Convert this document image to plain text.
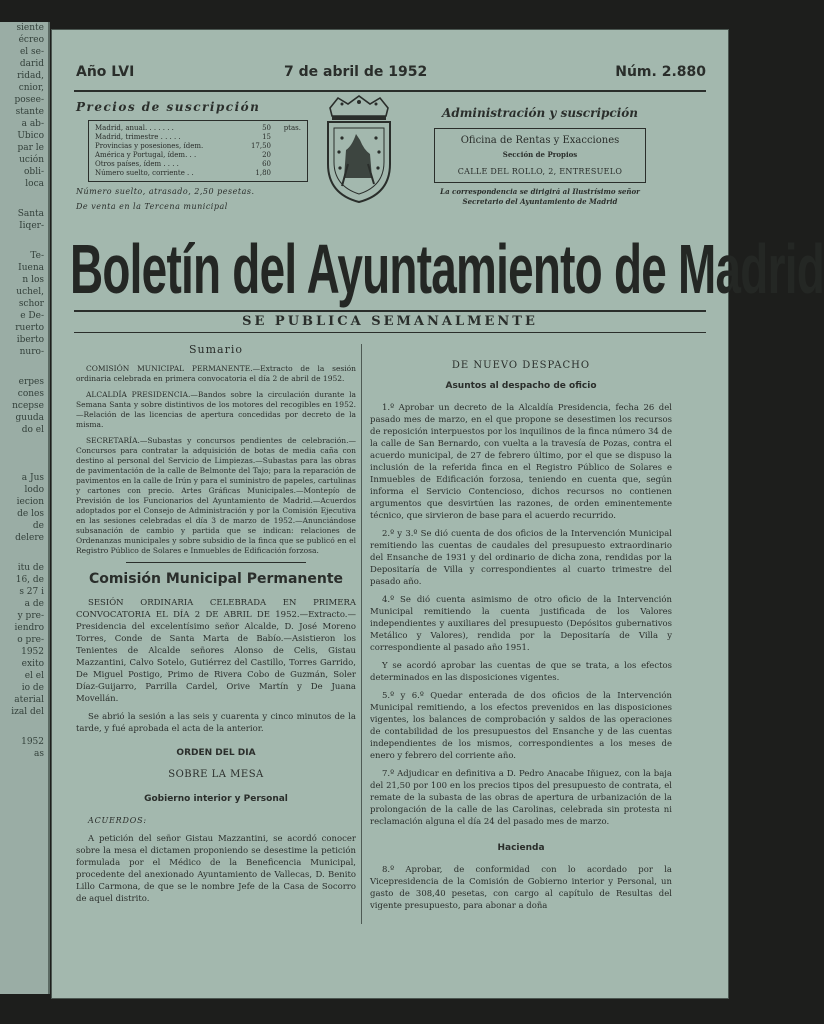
siente
écreo
el se-
darid
ridad,
cnior,
posee-
stante
a ab-
Ubico
par le
ución
obli-
loca
Santa
Iiqer-
Te-
Iuena
n los
uchel,
schor
e De-
ruerto
iberto
nuro-
erpes
cones
ncepse
guuda
do el
a Jus
lodo
iecion
de los
de
delere
itu de
16, de
s 27 i
a de
y pre-
iendro
o pre-
1952
exito
el el
io de
aterial
izal del
1952
as
Año LVI	7 de abril de 1952	Núm. 2.880
Precios de suscripción
Madrid, anual. . . . . . .	50	ptas.
Madrid, trimestre . . . . .	15
Provincias y posesiones, ídem.	17,50
América y Portugal, ídem. . .	20
Otros países, ídem . . . .	60
Número suelto, corriente . .	1,80
Número suelto, atrasado, 2,50 pesetas.
De venta en la Tercena municipal
Administración y suscripción
Oficina de Rentas y Exacciones
Sección de Propios
CALLE DEL ROLLO, 2, ENTRESUELO
La correspondencia se dirigirá al Ilustrísimo señor Secretario del Ayuntamiento de Madrid
Boletín del Ayuntamiento de Madrid
SE PUBLICA SEMANALMENTE
Sumario

COMISIÓN MUNICIPAL PERMANENTE.—Extracto de la sesión ordinaria celebrada en primera convocatoria el día 2 de abril de 1952.

ALCALDÍA PRESIDENCIA.—Bandos sobre la circulación durante la Semana Santa y sobre distintivos de los motores del recogibles en 1952.—Relación de las licencias de apertura concedidas por decreto de la misma.

SECRETARÍA.—Subastas y concursos pendientes de celebración.—Concursos para contratar la adquisición de botas de media caña con destino al personal del Servicio de Limpiezas.—Subastas para las obras de pavimentación de la calle de Belmonte del Tajo; para la reparación de pavimentos en la calle de Irún y para el suministro de papeles, cartulinas y cartones con precio. Artes Gráficas Municipales.—Montepío de Previsión de los Funcionarios del Ayuntamiento de Madrid.—Acuerdos adoptados por el Consejo de Administración y por la Comisión Ejecutiva en las sesiones celebradas el día 3 de marzo de 1952.—Anunciándose subsanación de cambio y partida que se indican: relaciones de Ordenanzas municipales y sobre subsidio de la finca que se publicó en el Registro Público de Solares e Inmuebles de Edificación forzosa.

Comisión Municipal Permanente

SESIÓN ORDINARIA CELEBRADA EN PRIMERA CONVOCATORIA EL DÍA 2 DE ABRIL DE 1952.—Extracto.—Presidencia del excelentísimo señor Alcalde, D. José Moreno Torres, Conde de Santa Marta de Babío.—Asistieron los Tenientes de Alcalde señores Alonso de Celis, Gistau Mazzantini, Calvo Sotelo, Gutiérrez del Castillo, Torres Garrido, De Miguel Postigo, Primo de Rivera Cobo de Guzmán, Soler Díaz-Guijarro, Parrilla Cardel, Orive Martín y De Juana Movellán.

Se abrió la sesión a las seis y cuarenta y cinco minutos de la tarde, y fué aprobada el acta de la anterior.

ORDEN DEL DIA
SOBRE LA MESA
Gobierno interior y Personal
ACUERDOS:

A petición del señor Gistau Mazzantini, se acordó conocer sobre la mesa el dictamen proponiendo se desestime la petición formulada por el Médico de la Beneficencia Municipal, procedente del anexionado Ayuntamiento de Vallecas, D. Benito Lillo Carmona, de que se le nombre Jefe de la Casa de Socorro de aquel distrito.

DE NUEVO DESPACHO
Asuntos al despacho de oficio

1.º Aprobar un decreto de la Alcaldía Presidencia, fecha 26 del pasado mes de marzo, en el que propone se desestimen los recursos de reposición interpuestos por los inquilinos de la finca número 34 de la calle de San Bernardo, con vuelta a la travesía de Pozas, contra el acuerdo municipal, de 27 de febrero último, por el que se dispuso la inclusión de la referida finca en el Registro Público de Solares e Inmuebles de Edificación forzosa, teniendo en cuenta que, según informa el Servicio Contencioso, dichos recursos no contienen argumentos que desvirtúen las razones, de orden eminentemente técnico, que sirvieron de base para el acuerdo recurrido.

2.º y 3.º Se dió cuenta de dos oficios de la Intervención Municipal remitiendo las cuentas de caudales del presupuesto extraordinario del Ensanche de 1931 y del ordinario de dicha zona, rendidas por la Depositaría de Villa y correspondientes al cuarto trimestre del pasado año.

4.º Se dió cuenta asimismo de otro oficio de la Intervención Municipal remitiendo la cuenta justificada de los Valores independientes y auxiliares del presupuesto (Depósitos gubernativos Metálico y Valores), rendida por la Depositaría de Villa y correspondiente al pasado año 1951.

Y se acordó aprobar las cuentas de que se trata, a los efectos determinados en las disposiciones vigentes.

5.º y 6.º Quedar enterada de dos oficios de la Intervención Municipal remitiendo, a los efectos prevenidos en las disposiciones vigentes, los balances de comprobación y saldos de las operaciones de contabilidad de los presupuestos del Ensanche y de las cuentas independientes de los mismos, correspondientes a los meses de enero y febrero del corriente año.

7.º Adjudicar en definitiva a D. Pedro Anacabe Iñiguez, con la baja del 21,50 por 100 en los precios tipos del presupuesto de contrata, el remate de la subasta de las obras de apertura de urbanización de la prolongación de la calle de las Carolinas, celebrada sin protesta ni reclamación alguna el día 24 del pasado mes de marzo.

Hacienda

8.º Aprobar, de conformidad con lo acordado por la Vicepresidencia de la Comisión de Gobierno interior y Personal, un gasto de 308,40 pesetas, con cargo al capítulo de Resultas del vigente presupuesto, para abonar a doña
